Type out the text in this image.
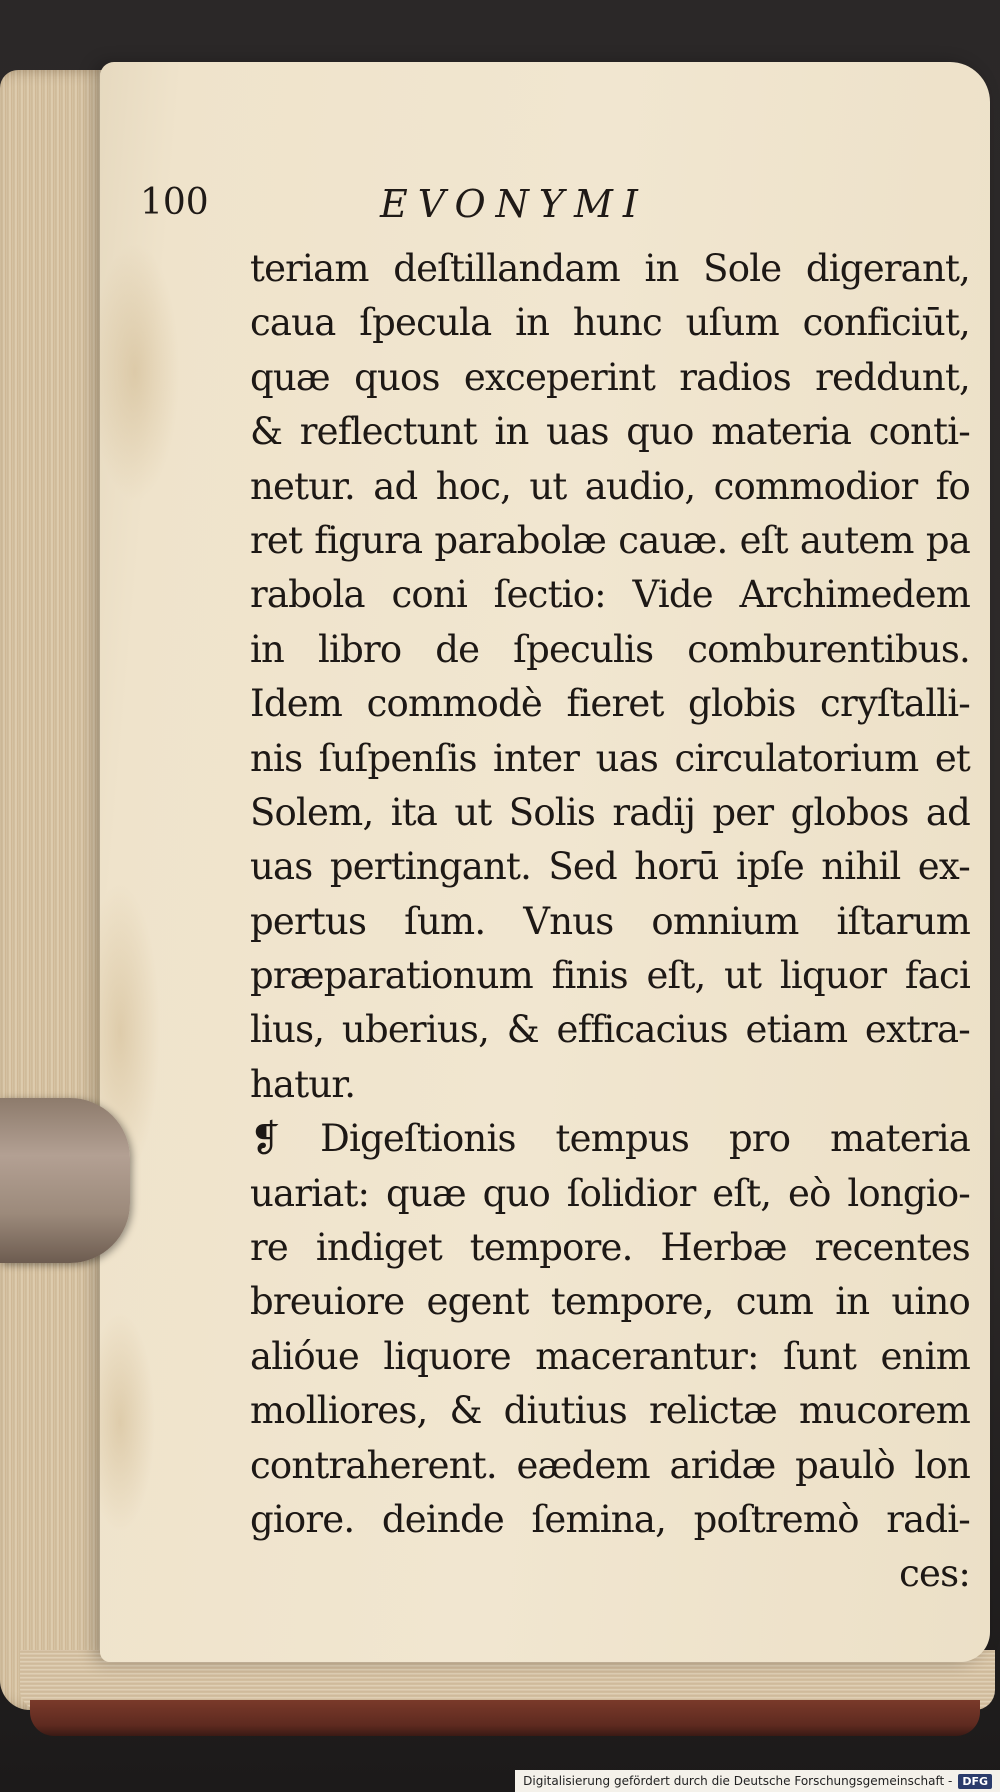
100	EVONYMI
teriam deſtillandam in Sole digerant,
caua ſpecula in hunc uſum conficiūt,
quæ quos exceperint radios reddunt,
& reflectunt in uas quo materia conti-
netur. ad hoc, ut audio, commodior fo
ret figura parabolæ cauæ. eſt autem pa
rabola coni ſectio: Vide Archimedem
in libro de ſpeculis comburentibus.
Idem commodè fieret globis cryſtalli-
nis ſuſpenſis inter uas circulatorium et
Solem, ita ut Solis radij per globos ad
uas pertingant. Sed horū ipſe nihil ex-
pertus ſum. Vnus omnium iſtarum
præparationum finis eſt, ut liquor faci
lius, uberius, & efficacius etiam extra-
hatur.
❡ Digeſtionis tempus pro materia
uariat: quæ quo ſolidior eſt, eò longio-
re indiget tempore. Herbæ recentes
breuiore egent tempore, cum in uino
alióue liquore macerantur: ſunt enim
molliores, & diutius relictæ mucorem
contraherent. eædem aridæ paulò lon
giore. deinde ſemina, poſtremò radi-
ces:
Digitalisierung gefördert durch die Deutsche Forschungsgemeinschaft - DFG
